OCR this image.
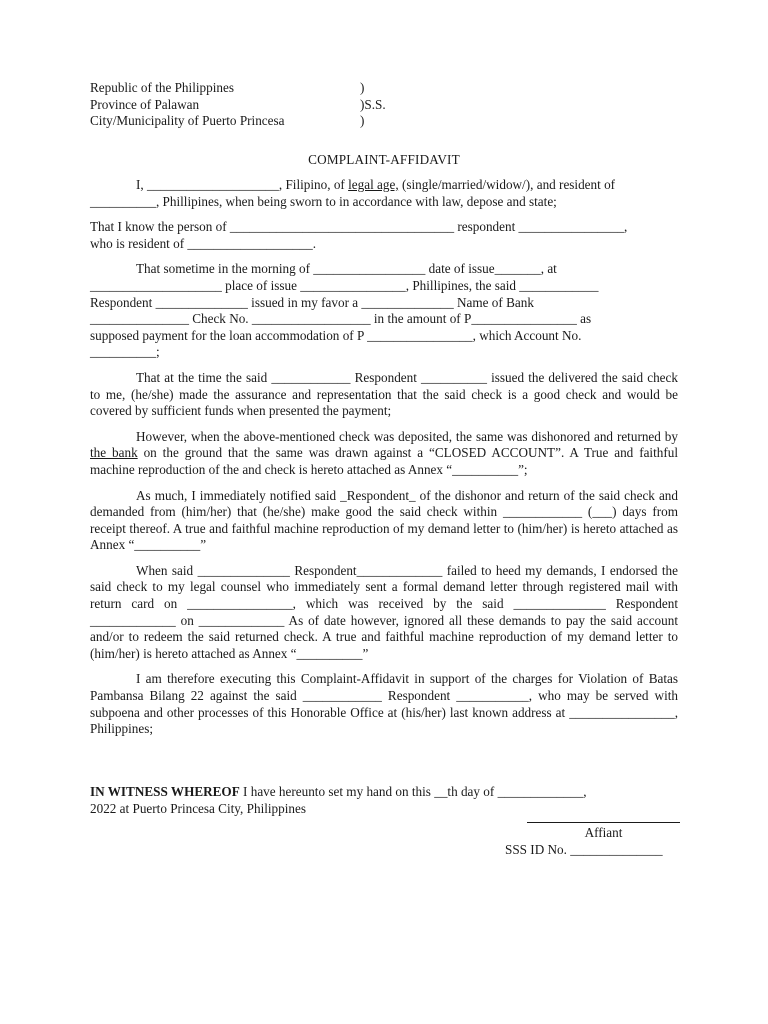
Republic of the Philippines	)
Province of Palawan	)S.S.
City/Municipality of Puerto Princesa	)
COMPLAINT-AFFIDAVIT
I, ____________________, Filipino, of legal age, (single/married/widow/), and resident of
__________, Phillipines, when being sworn to in accordance with law, depose and state;
That I know the person of __________________________________ respondent ________________,
who is resident of ___________________.
That sometime in the morning of _________________ date of issue_______, at
____________________ place of issue ________________, Phillipines, the said ____________
Respondent ______________ issued in my favor a ______________ Name of Bank
_______________ Check No. __________________ in the amount of P________________ as
supposed payment for the loan accommodation of P ________________, which Account No.
__________;

That at the time the said ____________ Respondent __________ issued the delivered the said check to me, (he/she) made the assurance and representation that the said check is a good check and would be covered by sufficient funds when presented the payment;

However, when the above-mentioned check was deposited, the same was dishonored and returned by the bank on the ground that the same was drawn against a “CLOSED ACCOUNT”. A True and faithful machine reproduction of the and check is hereto attached as Annex “__________”;

As much, I immediately notified said _Respondent_ of the dishonor and return of the said check and demanded from (him/her) that (he/she) make good the said check within ____________ (___) days from receipt thereof. A true and faithful machine reproduction of my demand letter to (him/her) is hereto attached as Annex “__________”

When said ______________ Respondent_____________ failed to heed my demands, I endorsed the said check to my legal counsel who immediately sent a formal demand letter through registered mail with return card on ________________, which was received by the said ______________ Respondent _____________ on _____________ As of date however, ignored all these demands to pay the said account and/or to redeem the said returned check. A true and faithful machine reproduction of my demand letter to (him/her) is hereto attached as Annex “__________”

I am therefore executing this Complaint-Affidavit in support of the charges for Violation of Batas Pambansa Bilang 22 against the said ____________ Respondent ___________, who may be served with subpoena and other processes of this Honorable Office at (his/her) last known address at ________________, Philippines;

IN WITNESS WHEREOF I have hereunto set my hand on this __th day of _____________,
2022 at Puerto Princesa City, Philippines
Affiant
SSS ID No. ______________
